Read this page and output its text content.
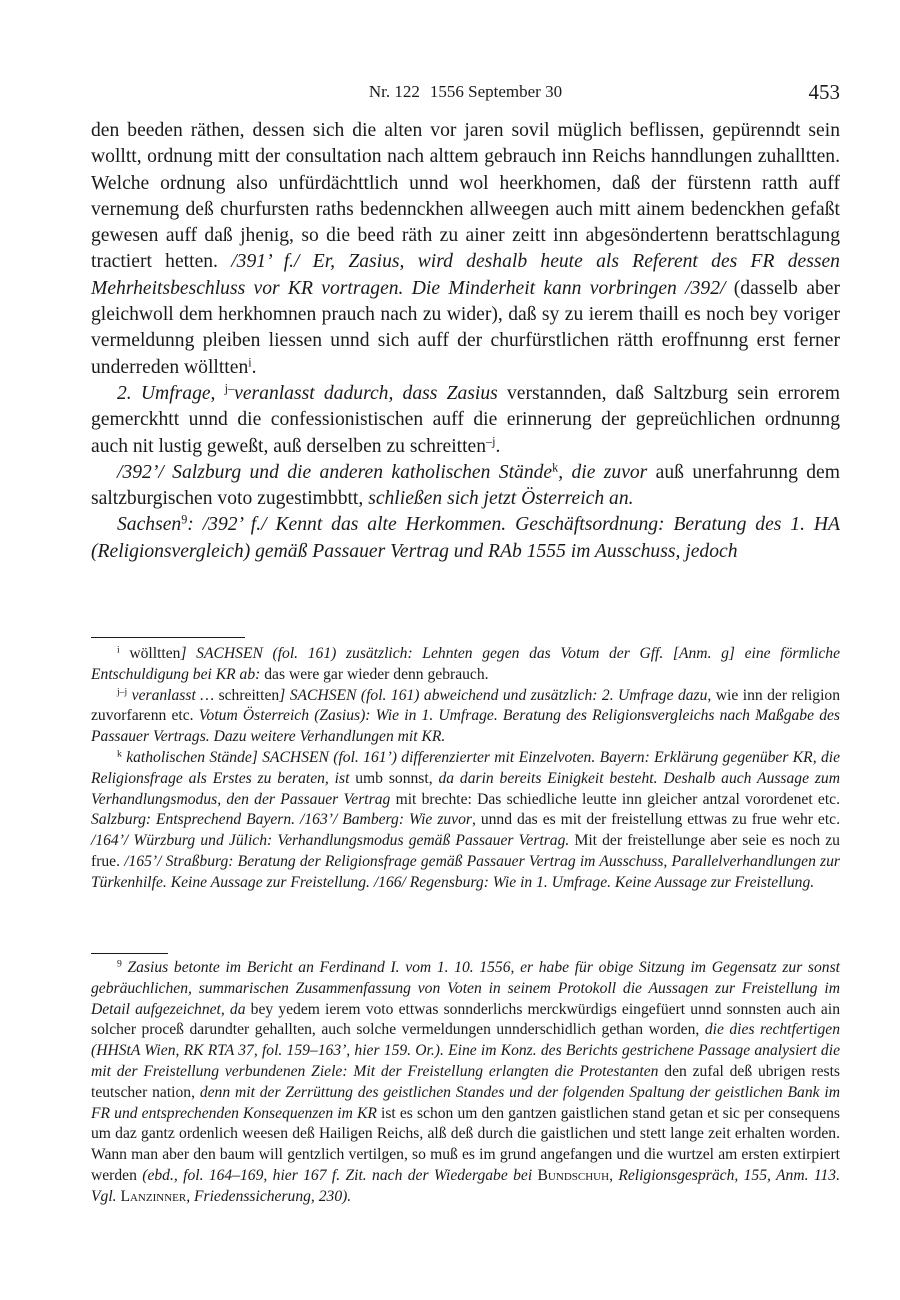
Nr. 122 1556 September 30	453

den beeden räthen, dessen sich die alten vor jaren sovil müglich beflissen, gepürenndt sein wolltt, ordnung mitt der consultation nach alttem gebrauch inn Reichs hanndlungen zuhalltten. Welche ordnung also unfürdächttlich unnd wol heerkhomen, daß der fürstenn ratth auff vernemung deß churfursten raths bedennckhen allweegen auch mitt ainem bedenckhen gefaßt gewesen auff daß jhenig, so die beed räth zu ainer zeitt inn abgesöndertenn berattschlagung tractiert hetten. /391’ f./ Er, Zasius, wird deshalb heute als Referent des FR dessen Mehrheitsbeschluss vor KR vortragen. Die Minderheit kann vorbringen /392/ (dasselb aber gleichwoll dem herkhomnen prauch nach zu wider), daß sy zu ierem thaill es noch bey voriger vermeldunng pleiben liessen unnd sich auff der churfürstlichen rätth eroffnunng erst ferner underreden wölltten$^i$.

2. Umfrage, $^{j-}$veranlasst dadurch, dass Zasius verstannden, daß Saltzburg sein errorem gemerckhtt unnd die confessionistischen auff die erinnerung der gepreüchlichen ordnunng auch nit lustig geweßt, auß derselben zu schreitten$^{-j}$.

/392’/ Salzburg und die anderen katholischen Stände$^k$, die zuvor auß unerfahrunng dem saltzburgischen voto zugestimbbtt, schließen sich jetzt Österreich an.

Sachsen$^9$: /392’ f./ Kennt das alte Herkommen. Geschäftsordnung: Beratung des 1. HA (Religionsvergleich) gemäß Passauer Vertrag und RAb 1555 im Ausschuss, jedoch

$^i$ wölltten] SACHSEN (fol. 161) zusätzlich: Lehnten gegen das Votum der Gff. [Anm. g] eine förmliche Entschuldigung bei KR ab: das were gar wieder denn gebrauch.

$^{j-j}$ veranlasst … schreitten] SACHSEN (fol. 161) abweichend und zusätzlich: 2. Umfrage dazu, wie inn der religion zuvorfarenn etc. Votum Österreich (Zasius): Wie in 1. Umfrage. Beratung des Religionsvergleichs nach Maßgabe des Passauer Vertrags. Dazu weitere Verhandlungen mit KR.

$^k$ katholischen Stände] SACHSEN (fol. 161’) differenzierter mit Einzelvoten. Bayern: Erklärung gegenüber KR, die Religionsfrage als Erstes zu beraten, ist umb sonnst, da darin bereits Einigkeit besteht. Deshalb auch Aussage zum Verhandlungsmodus, den der Passauer Vertrag mit brechte: Das schiedliche leutte inn gleicher antzal vorordenet etc. Salzburg: Entsprechend Bayern. /163’/ Bamberg: Wie zuvor, unnd das es mit der freistellung ettwas zu frue wehr etc. /164’/ Würzburg und Jülich: Verhandlungsmodus gemäß Passauer Vertrag. Mit der freistellunge aber seie es noch zu frue. /165’/ Straßburg: Beratung der Religionsfrage gemäß Passauer Vertrag im Ausschuss, Parallelverhandlungen zur Türkenhilfe. Keine Aussage zur Freistellung. /166/ Regensburg: Wie in 1. Umfrage. Keine Aussage zur Freistellung.

$^9$ Zasius betonte im Bericht an Ferdinand I. vom 1. 10. 1556, er habe für obige Sitzung im Gegensatz zur sonst gebräuchlichen, summarischen Zusammenfassung von Voten in seinem Protokoll die Aussagen zur Freistellung im Detail aufgezeichnet, da bey yedem ierem voto ettwas sonnderlichs merckwürdigs eingefüert unnd sonnsten auch ain solcher proceß darundter gehallten, auch solche vermeldungen unnderschidlich gethan worden, die dies rechtfertigen (HHStA Wien, RK RTA 37, fol. 159–163’, hier 159. Or.). Eine im Konz. des Berichts gestrichene Passage analysiert die mit der Freistellung verbundenen Ziele: Mit der Freistellung erlangten die Protestanten den zufal deß ubrigen rests teutscher nation, denn mit der Zerrüttung des geistlichen Standes und der folgenden Spaltung der geistlichen Bank im FR und entsprechenden Konsequenzen im KR ist es schon um den gantzen gaistlichen stand getan et sic per consequens um daz gantz ordenlich weesen deß Hailigen Reichs, alß deß durch die gaistlichen und stett lange zeit erhalten worden. Wann man aber den baum will gentzlich vertilgen, so muß es im grund angefangen und die wurtzel am ersten extirpiert werden (ebd., fol. 164–169, hier 167 f. Zit. nach der Wiedergabe bei Bundschuh, Religionsgespräch, 155, Anm. 113. Vgl. Lanzinner, Friedenssicherung, 230).
